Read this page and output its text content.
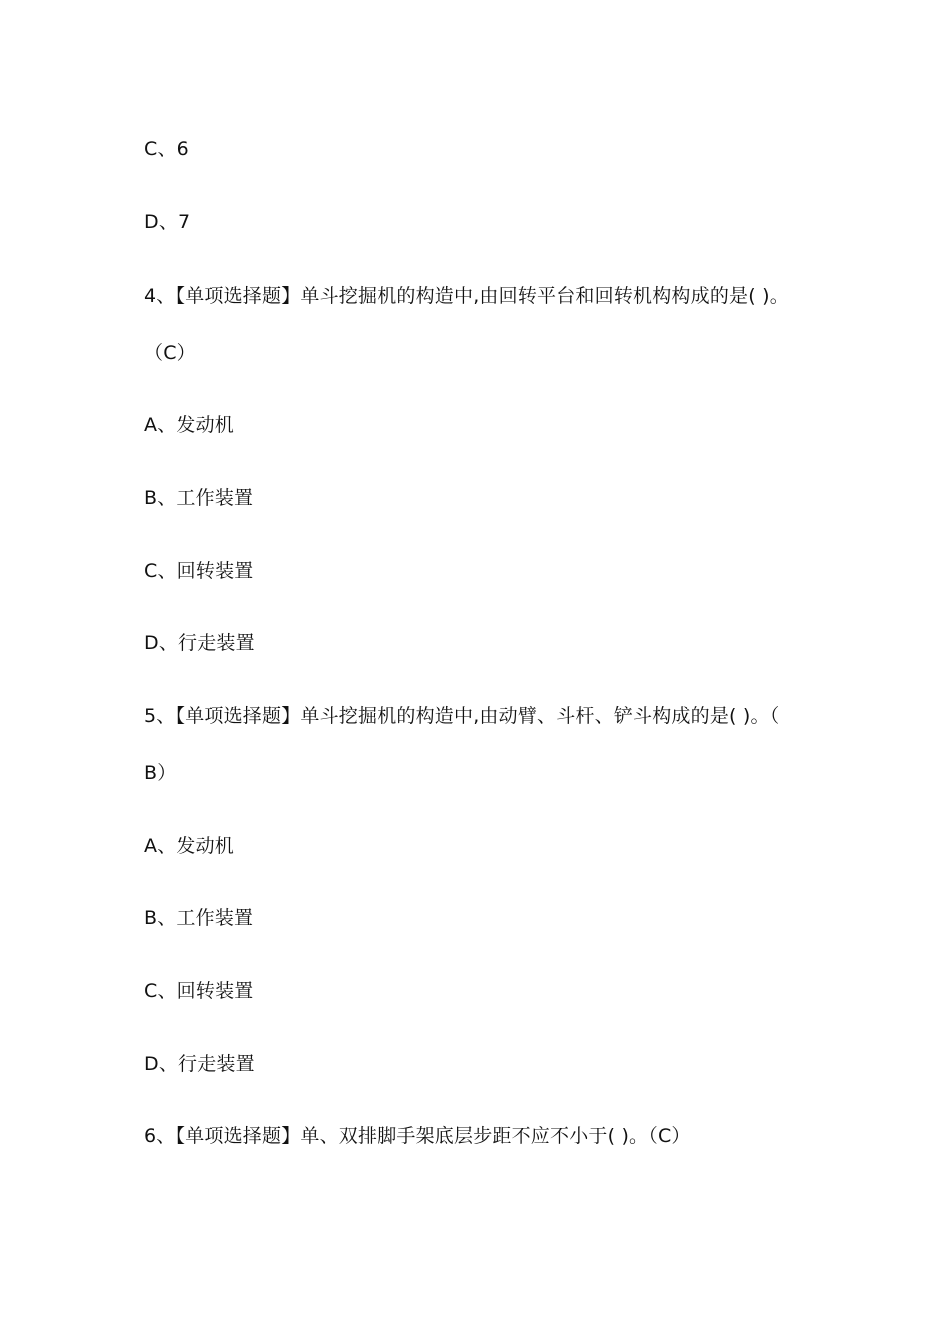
C、6
D、7
4、【单项选择题】单斗挖掘机的构造中,由回转平台和回转机构构成的是( )。
（C）
A、发动机
B、工作装置
C、回转装置
D、行走装置
5、【单项选择题】单斗挖掘机的构造中,由动臂、斗杆、铲斗构成的是( )。（
B）
A、发动机
B、工作装置
C、回转装置
D、行走装置
6、【单项选择题】单、双排脚手架底层步距不应不小于( )。（C）
